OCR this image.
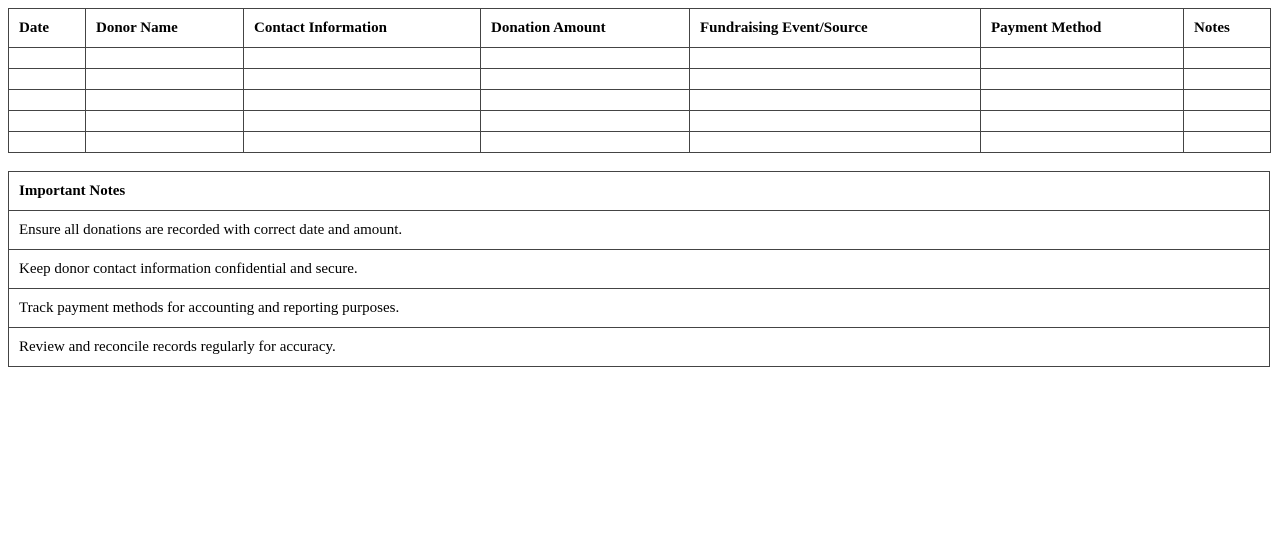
Date	Donor Name	Contact Information	Donation Amount	Fundraising Event/Source	Payment Method	Notes

Important Notes
Ensure all donations are recorded with correct date and amount.
Keep donor contact information confidential and secure.
Track payment methods for accounting and reporting purposes.
Review and reconcile records regularly for accuracy.
